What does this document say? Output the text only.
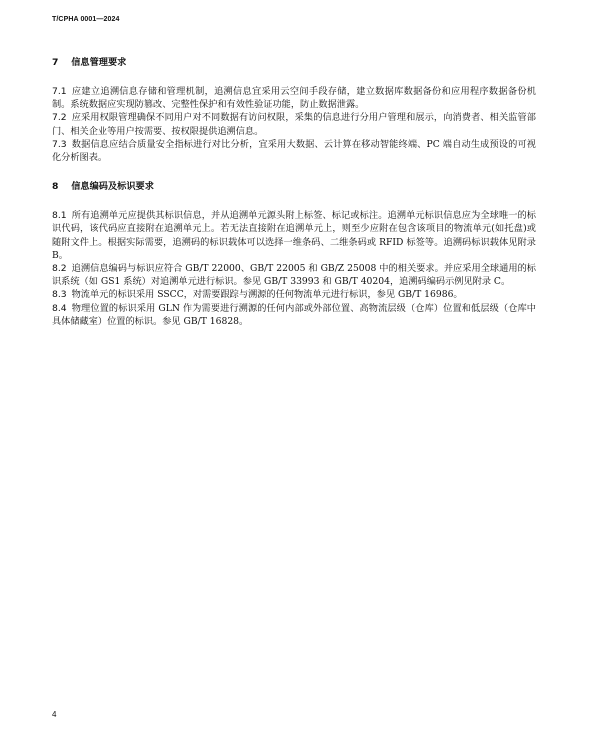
T/CPHA 0001—2024
7 信息管理要求

7.1 应建立追溯信息存储和管理机制，追溯信息宜采用云空间手段存储，建立数据库数据备份和应用程序数据备份机制。系统数据应实现防篡改、完整性保护和有效性验证功能，防止数据泄露。

7.2 应采用权限管理确保不同用户对不同数据有访问权限，采集的信息进行分用户管理和展示，向消费者、相关监管部门、相关企业等用户按需要、按权限提供追溯信息。

7.3 数据信息应结合质量安全指标进行对比分析，宜采用大数据、云计算在移动智能终端、PC 端自动生成预设的可视化分析图表。

8 信息编码及标识要求

8.1 所有追溯单元应提供其标识信息，并从追溯单元源头附上标签、标记或标注。追溯单元标识信息应为全球唯一的标识代码，该代码应直接附在追溯单元上。若无法直接附在追溯单元上，则至少应附在包含该项目的物流单元(如托盘)或随附文件上。根据实际需要，追溯码的标识载体可以选择一维条码、二维条码或 RFID 标签等。追溯码标识载体见附录 B。

8.2 追溯信息编码与标识应符合 GB/T 22000、GB/T 22005 和 GB/Z 25008 中的相关要求。并应采用全球通用的标识系统（如 GS1 系统）对追溯单元进行标识。参见 GB/T 33993 和 GB/T 40204，追溯码编码示例见附录 C。

8.3 物流单元的标识采用 SSCC，对需要跟踪与溯源的任何物流单元进行标识，参见 GB/T 16986。

8.4 物理位置的标识采用 GLN 作为需要进行溯源的任何内部或外部位置、高物流层级（仓库）位置和低层级（仓库中具体储藏室）位置的标识。参见 GB/T 16828。

4
